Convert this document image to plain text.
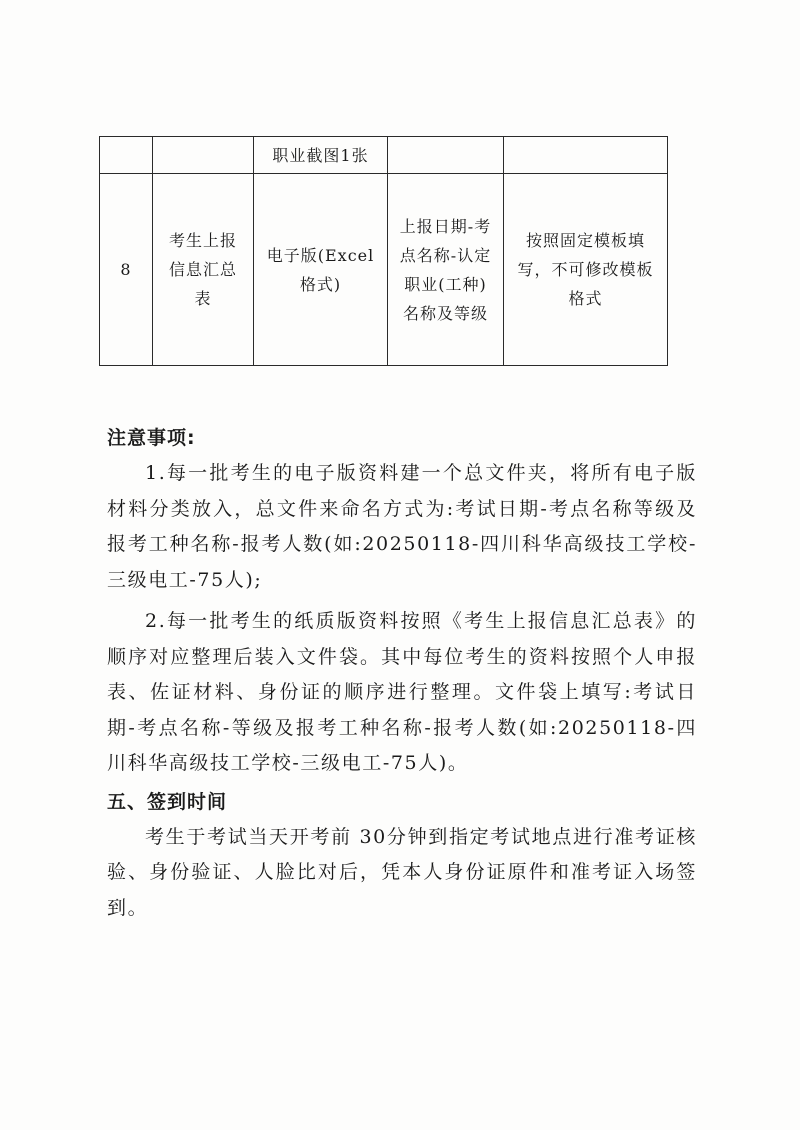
		职业截图1张		

8	考生上报信息汇总表	电子版(Excel格式)	上报日期-考点名称-认定职业(工种)名称及等级	按照固定模板填写，不可修改模板格式

注意事项:

1.每一批考生的电子版资料建一个总文件夹，将所有电子版材料分类放入，总文件来命名方式为:考试日期-考点名称等级及报考工种名称-报考人数(如:20250118-四川科华高级技工学校-三级电工-75人);

2.每一批考生的纸质版资料按照《考生上报信息汇总表》的顺序对应整理后装入文件袋。其中每位考生的资料按照个人申报表、佐证材料、身份证的顺序进行整理。文件袋上填写:考试日期-考点名称-等级及报考工种名称-报考人数(如:20250118-四川科华高级技工学校-三级电工-75人)。

五、签到时间

考生于考试当天开考前 30分钟到指定考试地点进行准考证核验、身份验证、人脸比对后，凭本人身份证原件和准考证入场签到。
